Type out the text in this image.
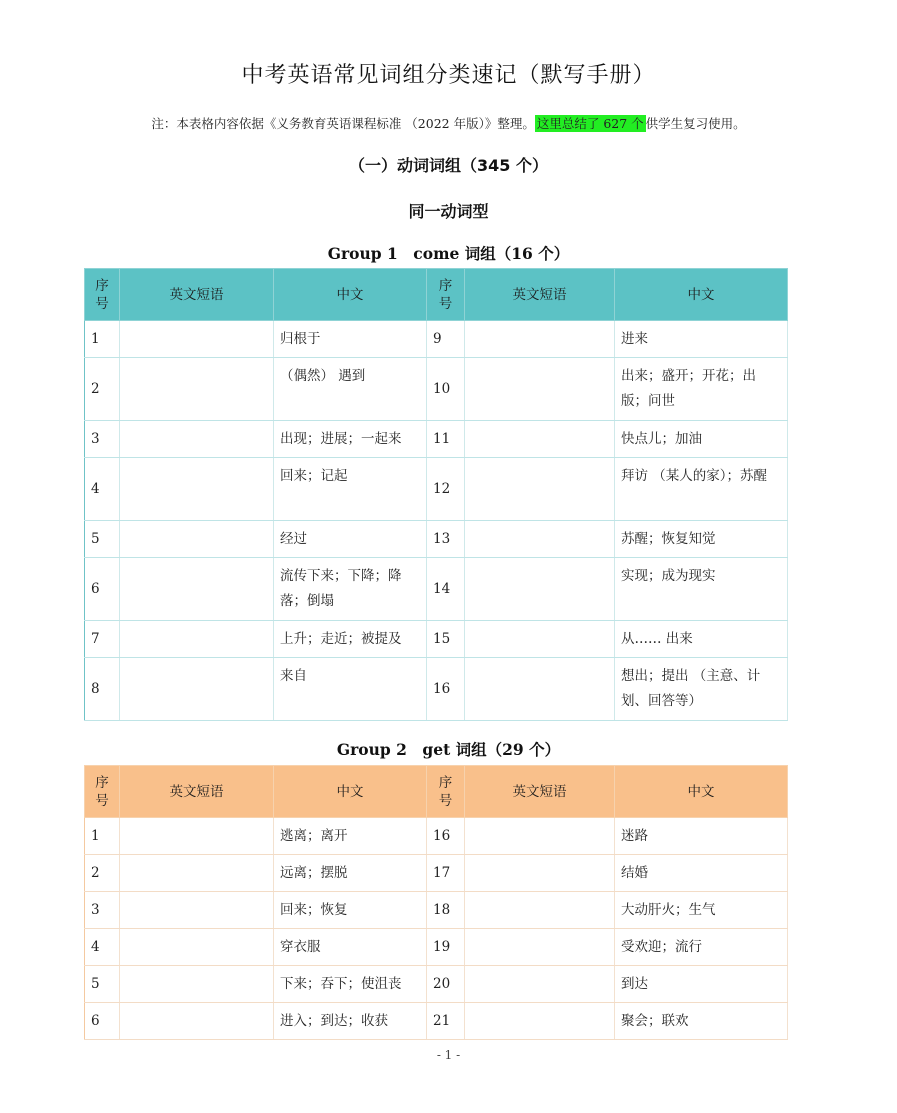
中考英语常见词组分类速记（默写手册）
注：本表格内容依据《义务教育英语课程标准 （2022 年版）》整理。 这里总结了 627 个 供学生复习使用。
（一）动词词组（345 个）
同一动词型
Group 1　come 词组（16 个）
序号	英文短语	中文	序号	英文短语	中文
1		归根于	9		进来
2		（偶然） 遇到	10		出来；盛开；开花；出版；问世
3		出现；进展；一起来	11		快点儿；加油
4		回来；记起	12		拜访 （某人的家）；苏醒
5		经过	13		苏醒；恢复知觉
6		流传下来；下降；降落；倒塌	14		实现；成为现实
7		上升；走近；被提及	15		从…… 出来
8		来自	16		想出；提出 （主意、计划、回答等）
Group 2　get 词组（29 个）
序号	英文短语	中文	序号	英文短语	中文
1		逃离；离开	16		迷路
2		远离；摆脱	17		结婚
3		回来；恢复	18		大动肝火；生气
4		穿衣服	19		受欢迎；流行
5		下来；吞下；使沮丧	20		到达
6		进入；到达；收获	21		聚会；联欢
- 1 -
